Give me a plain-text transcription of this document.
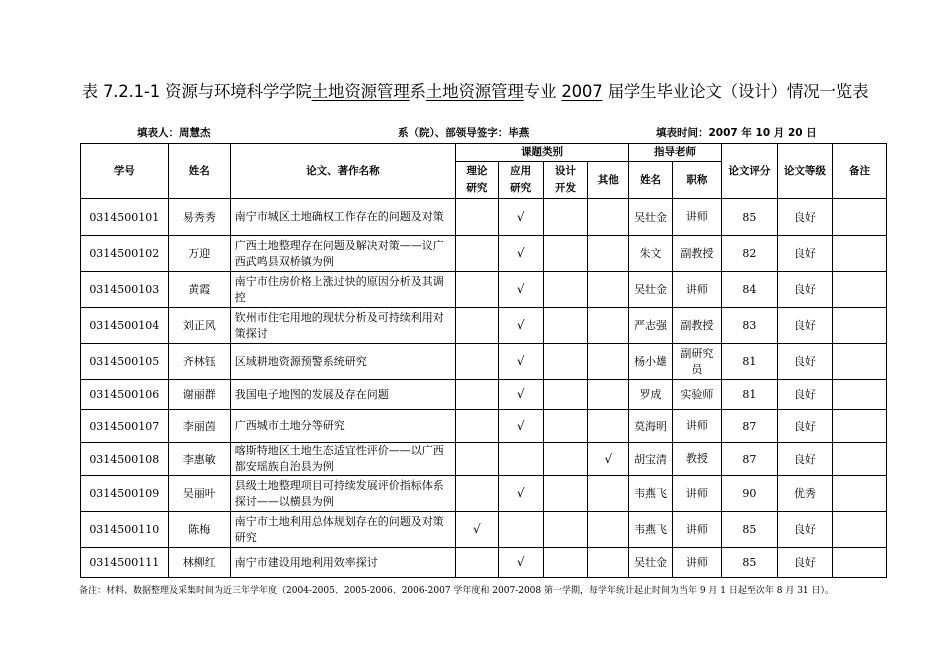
表 7.2.1-1 资源与环境科学学院土地资源管理系土地资源管理专业 2007 届学生毕业论文（设计）情况一览表
填表人：周慧杰	系（院）、部领导签字：毕燕	填表时间：2007 年 10 月 20 日
学号	姓名	论文、著作名称	课题类别				指导老师		论文评分	论文等级	备注

			理论研究	应用研究	设计开发	其他	姓名	职称			
0314500101	易秀秀	南宁市城区土地确权工作存在的问题及对策		√			吴壮金	讲师	85	良好	
0314500102	万迎	广西土地整理存在问题及解决对策——议广西武鸣县双桥镇为例		√			朱文	副教授	82	良好	
0314500103	黄霞	南宁市住房价格上涨过快的原因分析及其调控		√			吴壮金	讲师	84	良好	
0314500104	刘正风	钦州市住宅用地的现状分析及可持续利用对策探讨		√			严志强	副教授	83	良好	
0314500105	齐林钰	区域耕地资源预警系统研究		√			杨小雄	副研究员	81	良好	
0314500106	谢丽群	我国电子地图的发展及存在问题		√			罗成	实验师	81	良好	
0314500107	李丽茵	广西城市土地分等研究		√			莫海明	讲师	87	良好	
0314500108	李惠敏	喀斯特地区土地生态适宜性评价——以广西都安瑶族自治县为例				√	胡宝清	教授	87	良好	
0314500109	吴丽叶	县级土地整理项目可持续发展评价指标体系探讨——以横县为例		√			韦燕飞	讲师	90	优秀	
0314500110	陈梅	南宁市土地利用总体规划存在的问题及对策研究	√				韦燕飞	讲师	85	良好	
0314500111	林柳红	南宁市建设用地利用效率探讨		√			吴壮金	讲师	85	良好	
备注：材料、数据整理及采集时间为近三年学年度（2004-2005、2005-2006、2006-2007 学年度和 2007-2008 第一学期，每学年统计起止时间为当年 9 月 1 日起至次年 8 月 31 日）。
